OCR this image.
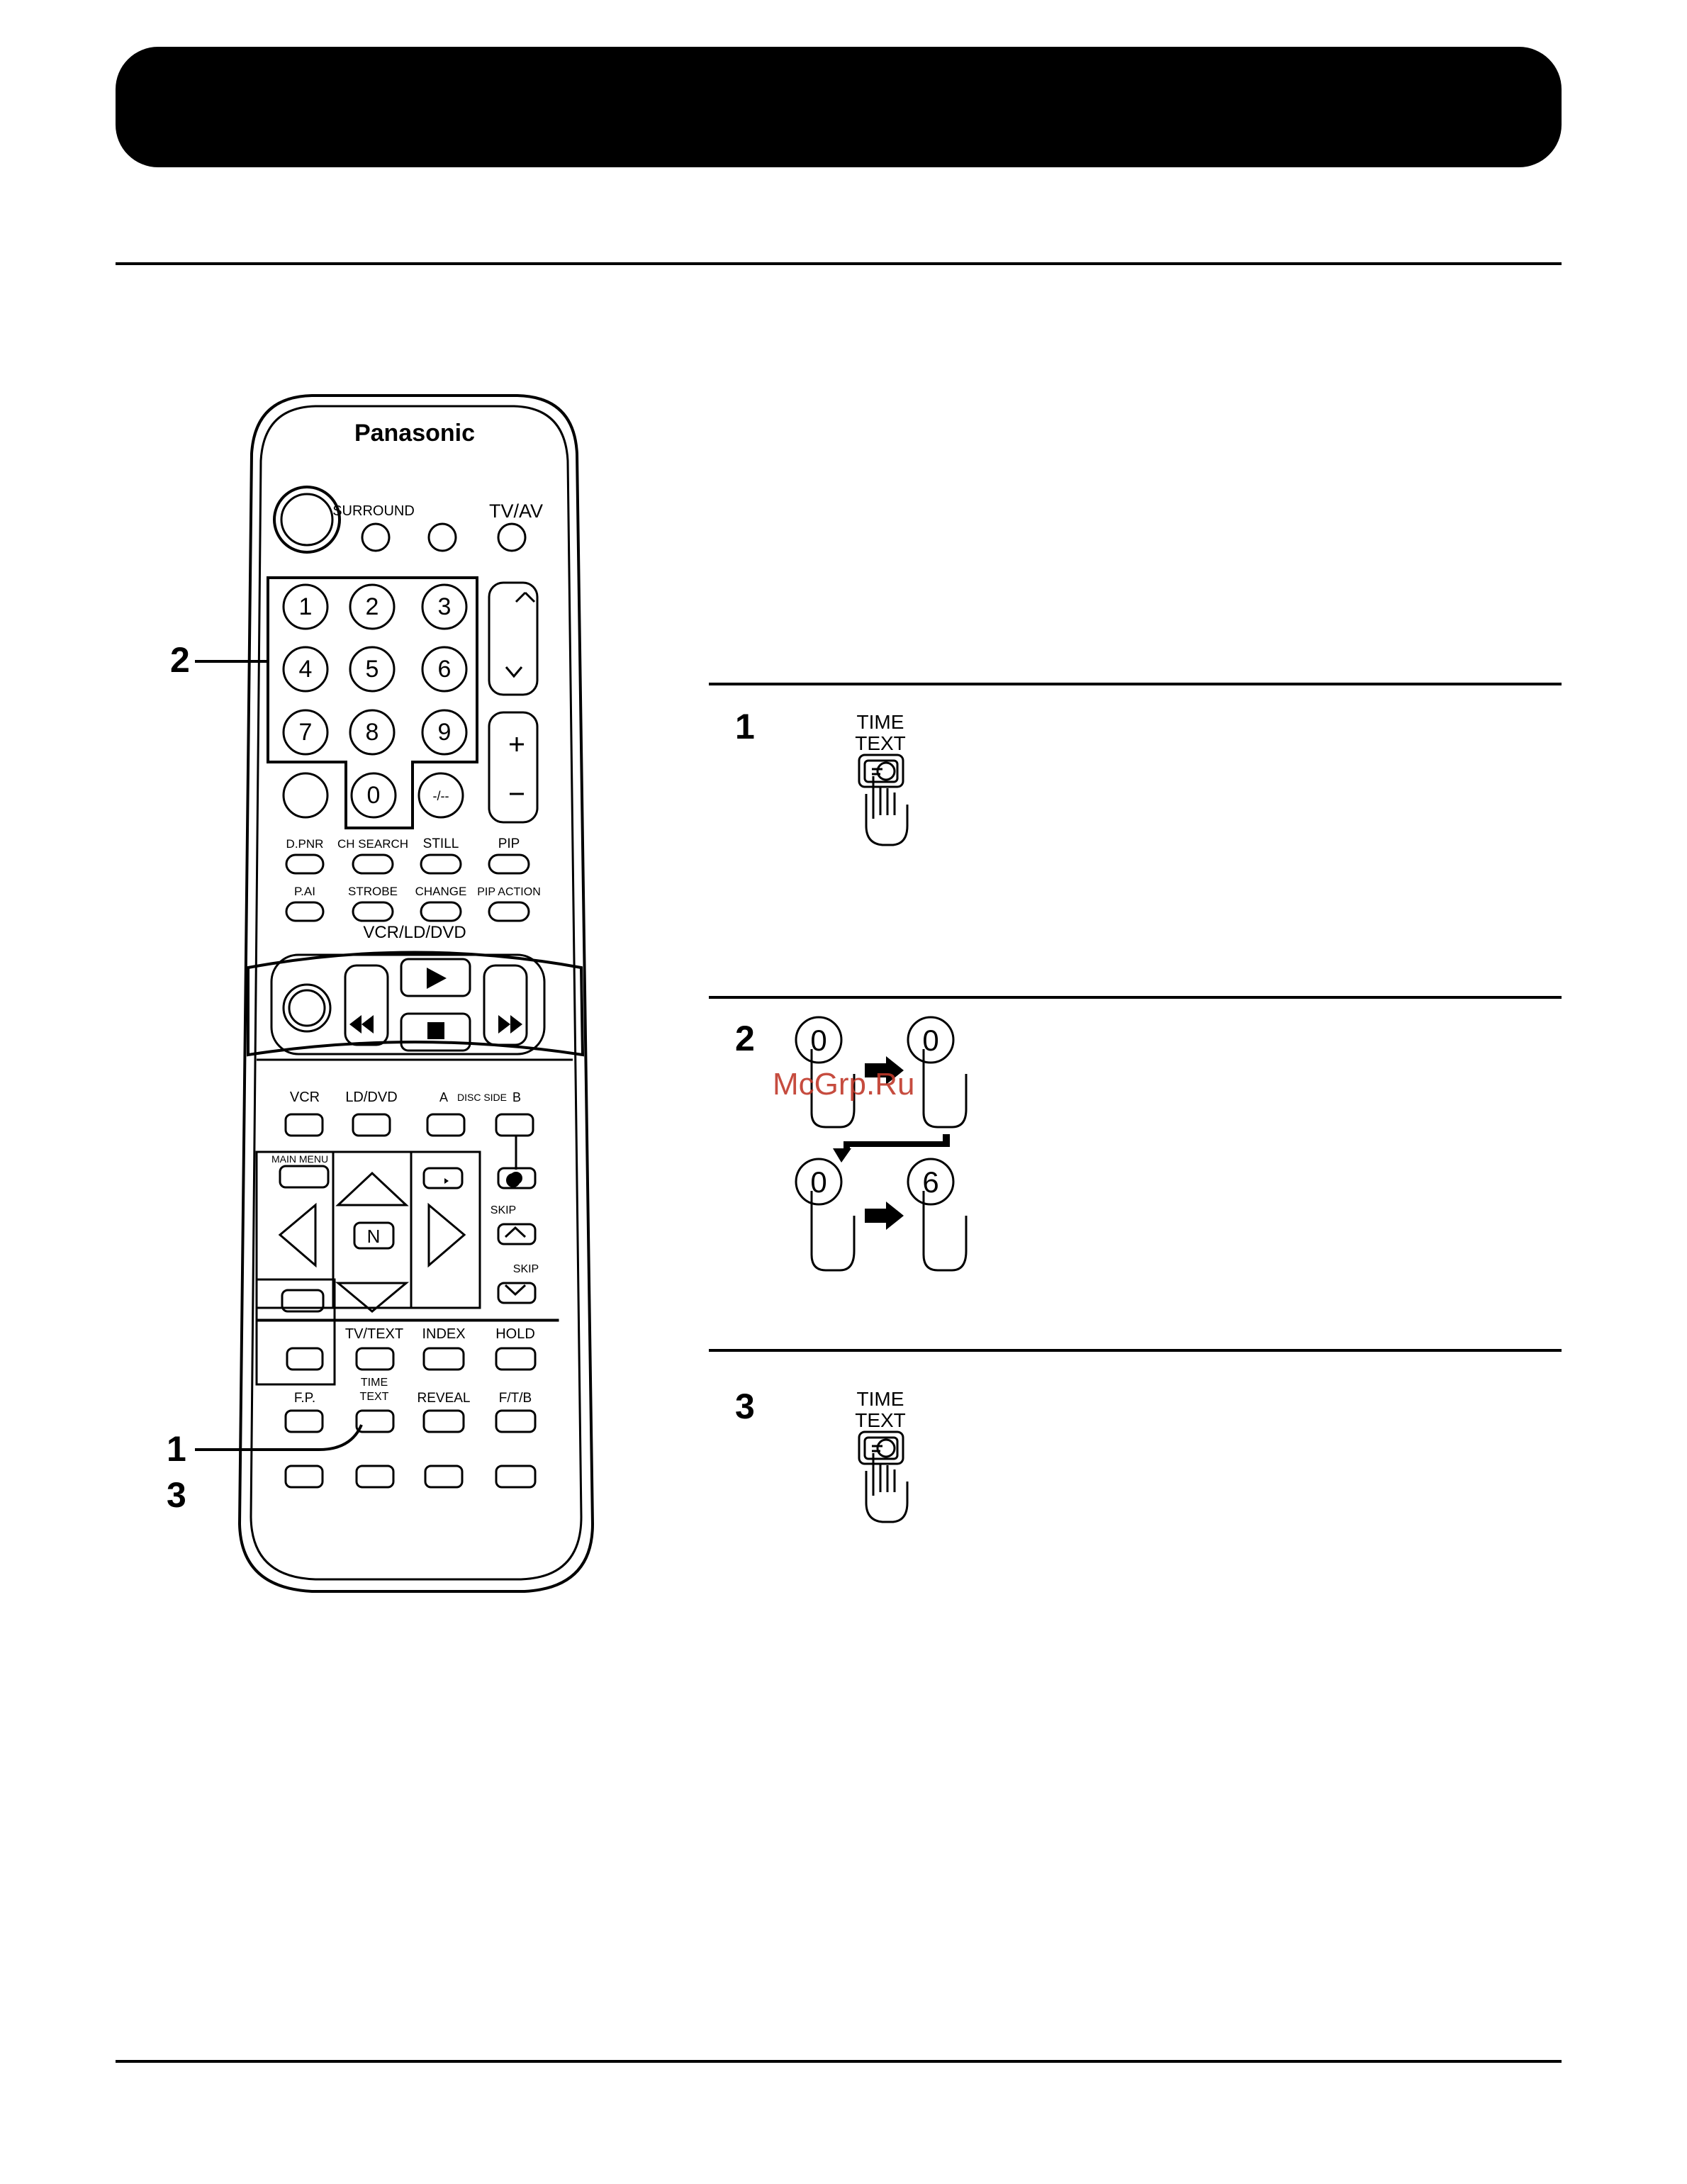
SURROUND	TV/AV
Panasonic
1 2 3
4 5 6
7 8 9
0	-/--
D.PNR CH SEARCH STILL	PIP
P.AI	STROBE CHANGE PIP ACTION
VCR/LD/DVD
VCR LD/DVD	A DISC SIDE B
MAIN MENU
N
SKIP
SKIP
TV/TEXT INDEX HOLD
TIME
TEXT
F.P.	REVEAL F/T/B
2
1
3
1	TIME
TEXT
2 0	0
0	6
McGrp.Ru
3	TIME
TEXT
